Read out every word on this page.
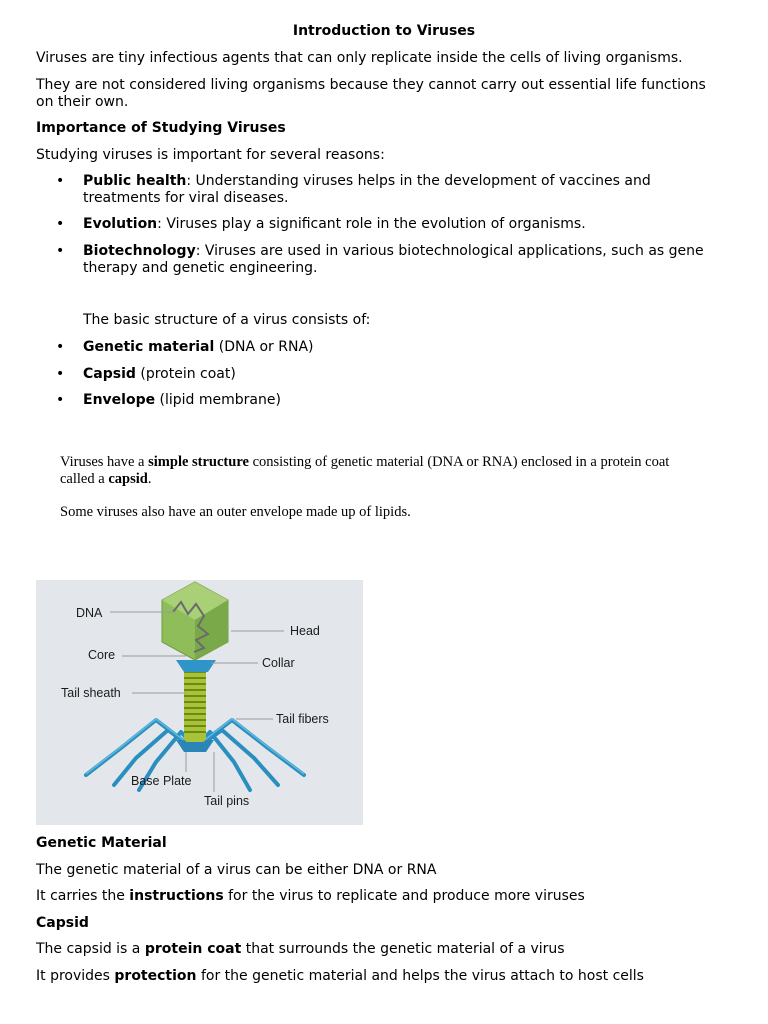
Introduction to Viruses
Viruses are tiny infectious agents that can only replicate inside the cells of living organisms.
They are not considered living organisms because they cannot carry out essential life functions
on their own.
Importance of Studying Viruses
Studying viruses is important for several reasons:
• Public health: Understanding viruses helps in the development of vaccines and
treatments for viral diseases.
• Evolution: Viruses play a significant role in the evolution of organisms.
• Biotechnology: Viruses are used in various biotechnological applications, such as gene
therapy and genetic engineering.
The basic structure of a virus consists of:
• Genetic material (DNA or RNA)
• Capsid (protein coat)
• Envelope (lipid membrane)
Viruses have a simple structure consisting of genetic material (DNA or RNA) enclosed in a protein coat
called a capsid.
Some viruses also have an outer envelope made up of lipids.
DNA
Head
Core
Collar
Tail sheath
Tail fibers
Base Plate
Tail pins
Genetic Material
The genetic material of a virus can be either DNA or RNA
It carries the instructions for the virus to replicate and produce more viruses
Capsid
The capsid is a protein coat that surrounds the genetic material of a virus
It provides protection for the genetic material and helps the virus attach to host cells
